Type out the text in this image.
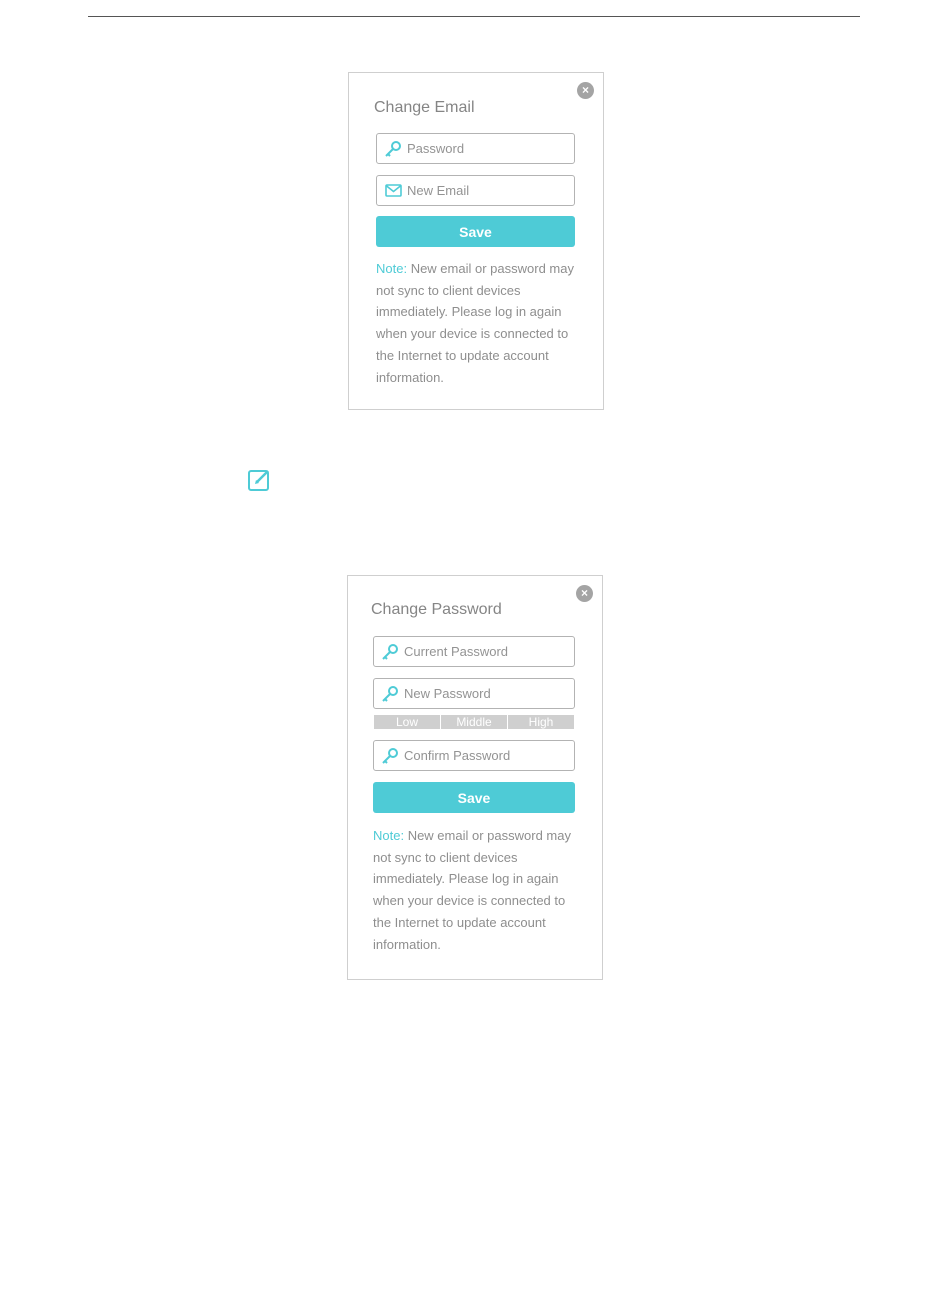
×
Change Email
New Email
Save

Note: New email or password may not sync to client devices immediately. Please log in again when your device is connected to the Internet to update account information.

×
Change Password
Low	Middle	High
Save

Note: New email or password may not sync to client devices immediately. Please log in again when your device is connected to the Internet to update account information.
